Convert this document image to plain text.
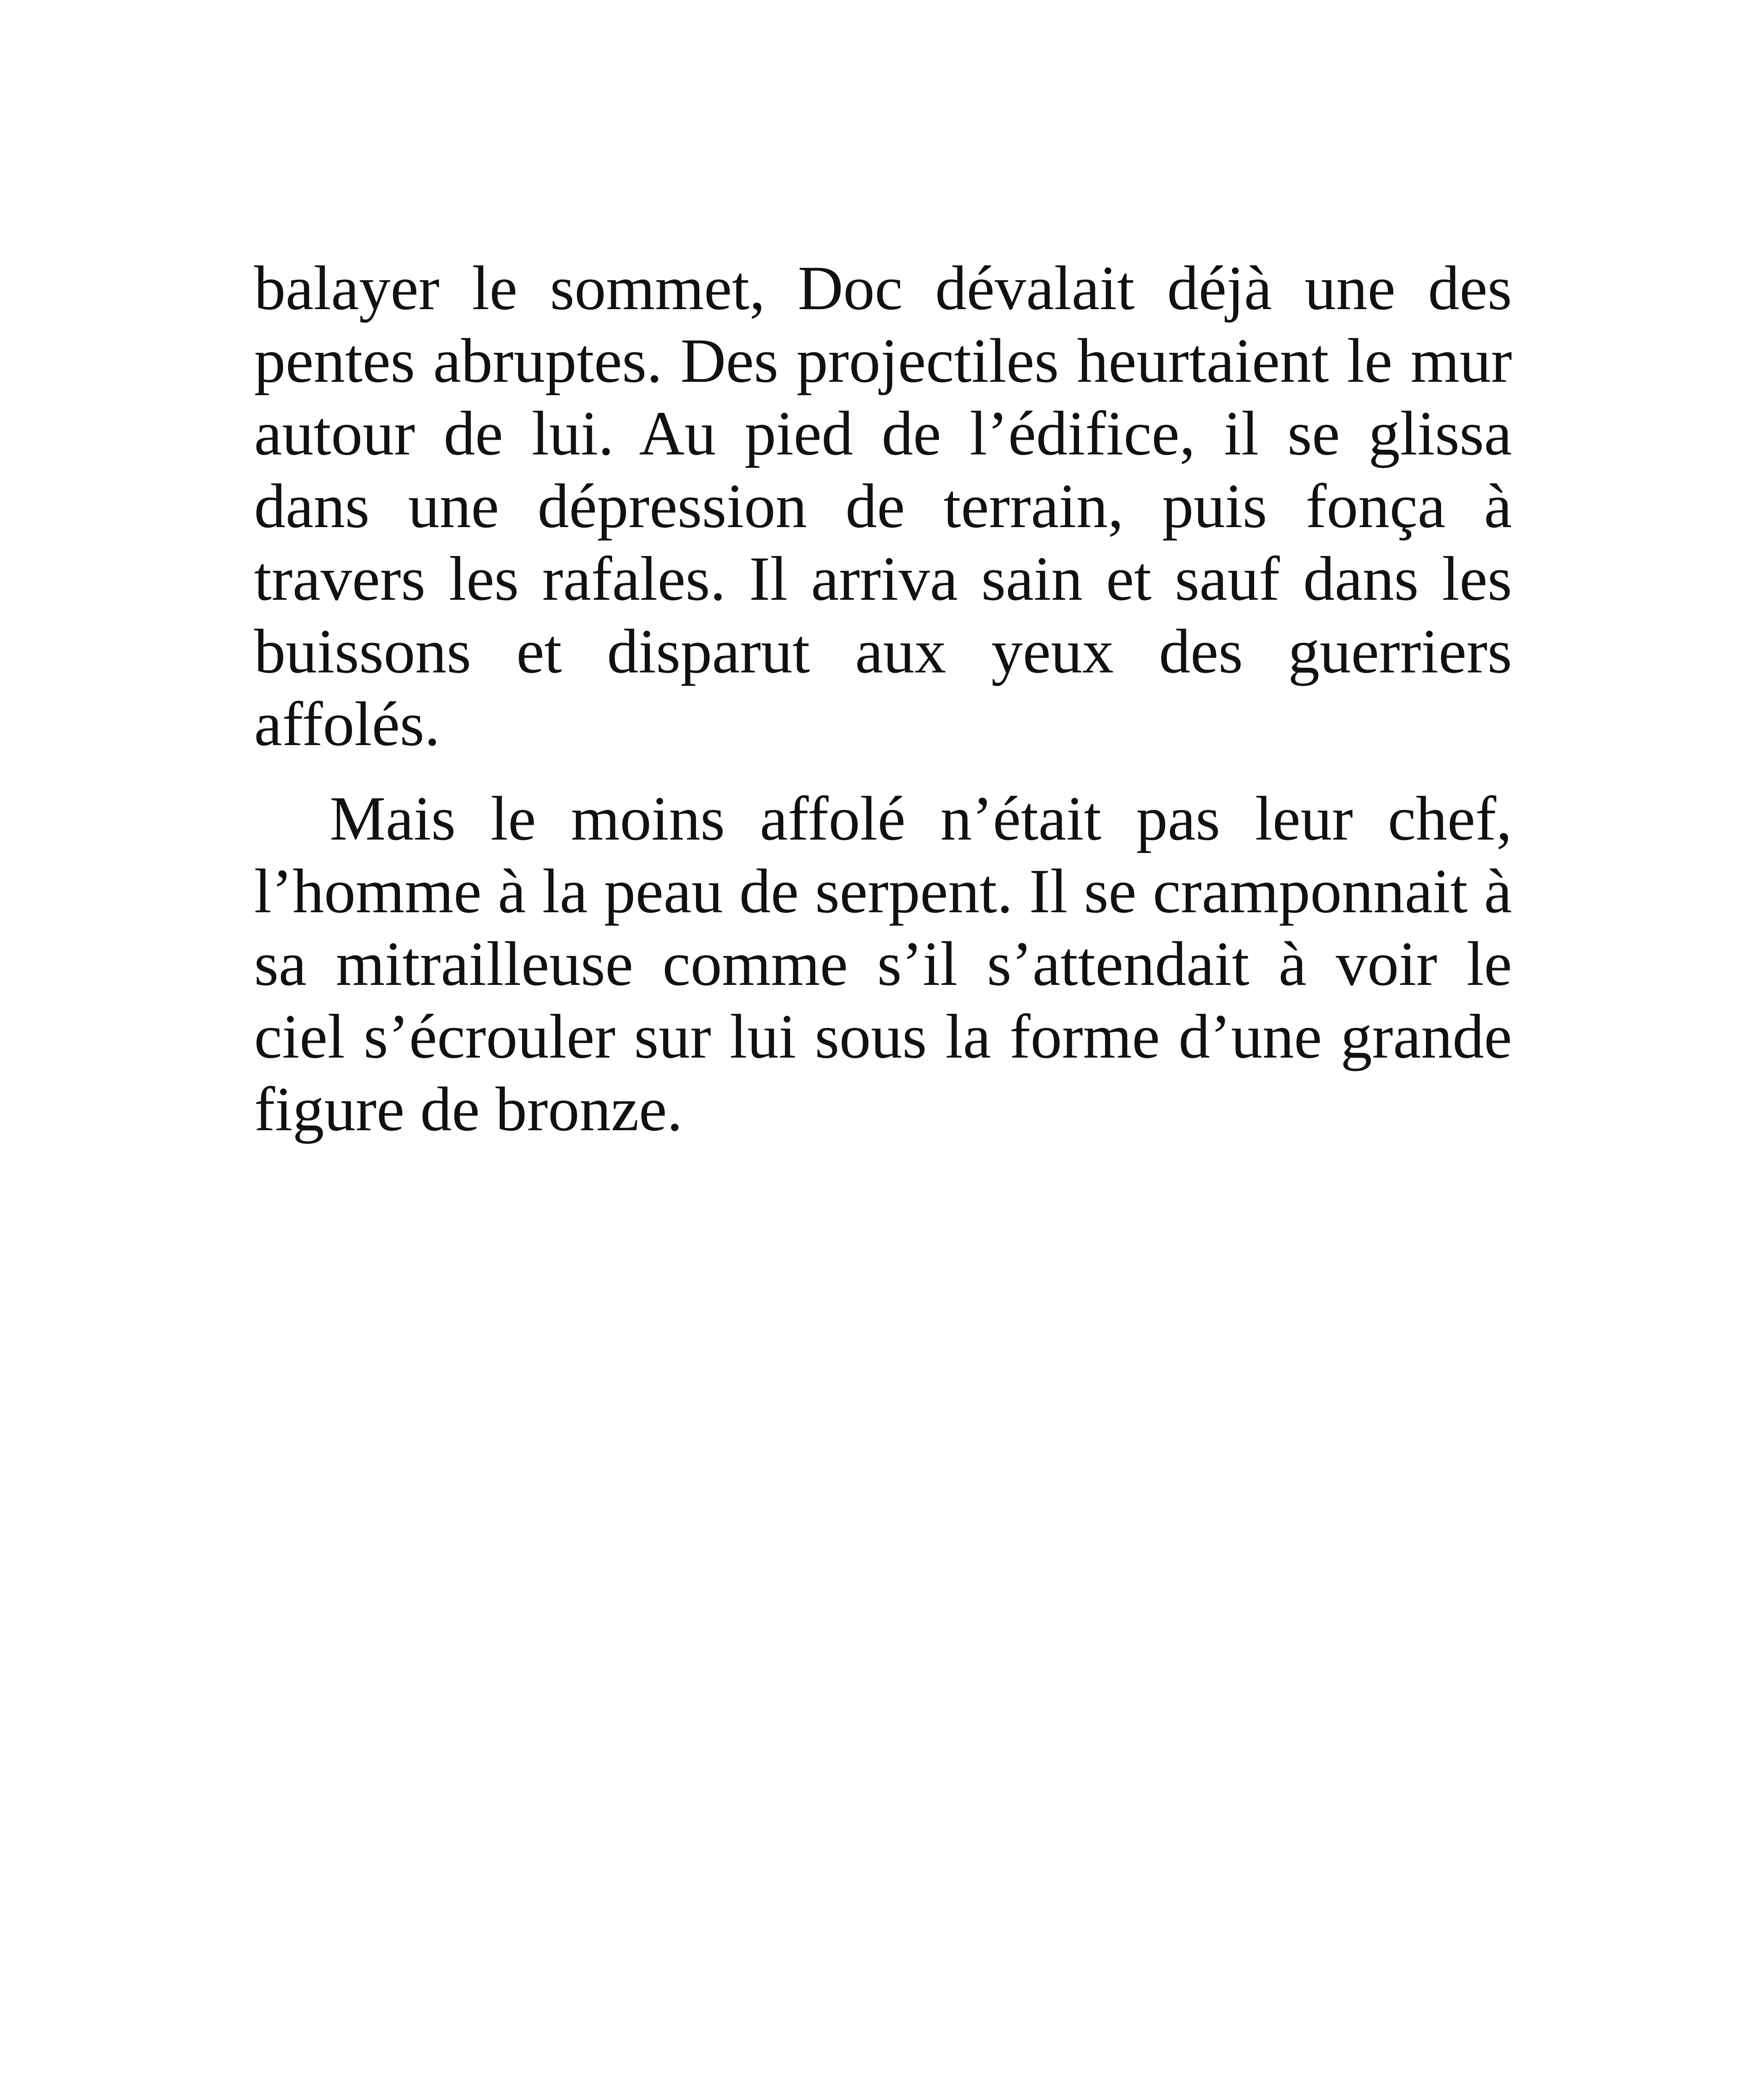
balayer le sommet, Doc dévalait déjà une des pentes abruptes. Des projectiles heurtaient le mur autour de lui. Au pied de l’édifice, il se glissa dans une dépression de terrain, puis fonça à travers les rafales. Il arriva sain et sauf dans les buissons et disparut aux yeux des guerriers affolés.

Mais le moins affolé n’était pas leur chef, l’homme à la peau de serpent. Il se cramponnait à sa mitrailleuse comme s’il s’attendait à voir le ciel s’écrouler sur lui sous la forme d’une grande figure de bronze.
